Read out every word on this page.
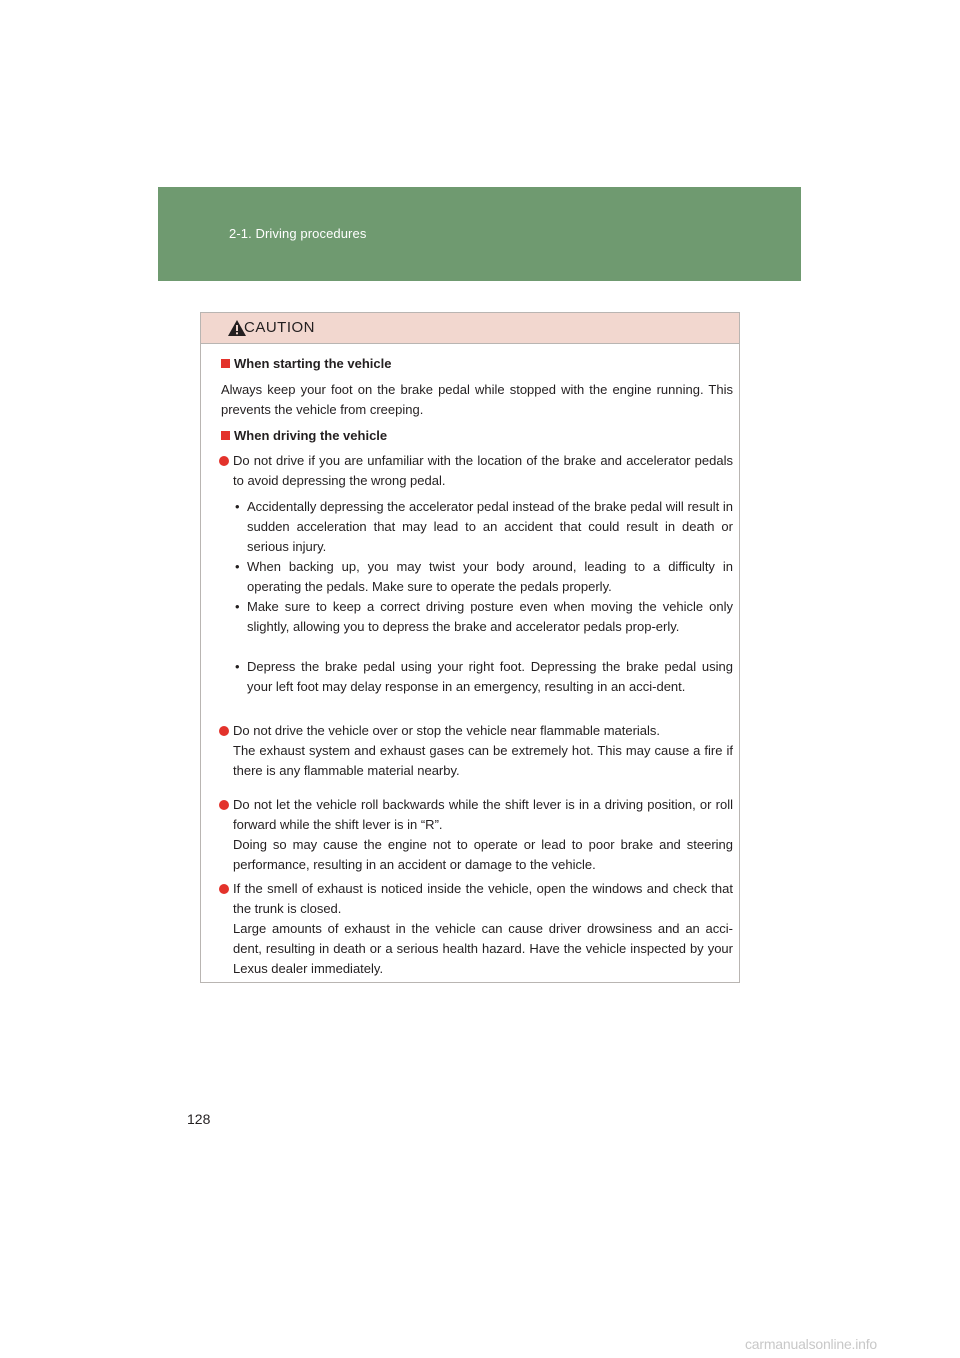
2-1. Driving procedures
CAUTION
When starting the vehicle
Always keep your foot on the brake pedal while stopped with the engine running. This prevents the vehicle from creeping.
When driving the vehicle
Do not drive if you are unfamiliar with the location of the brake and accelerator pedals to avoid depressing the wrong pedal.
• Accidentally depressing the accelerator pedal instead of the brake pedal will result in sudden acceleration that may lead to an accident that could result in death or serious injury.
• When backing up, you may twist your body around, leading to a difficulty in operating the pedals. Make sure to operate the pedals properly.
• Make sure to keep a correct driving posture even when moving the vehicle only slightly, allowing you to depress the brake and accelerator pedals prop-erly.
• Depress the brake pedal using your right foot. Depressing the brake pedal using your left foot may delay response in an emergency, resulting in an acci-dent.
Do not drive the vehicle over or stop the vehicle near flammable materials.
The exhaust system and exhaust gases can be extremely hot. This may cause a fire if there is any flammable material nearby.
Do not let the vehicle roll backwards while the shift lever is in a driving position, or roll forward while the shift lever is in “R”.
Doing so may cause the engine not to operate or lead to poor brake and steering performance, resulting in an accident or damage to the vehicle.
If the smell of exhaust is noticed inside the vehicle, open the windows and check that the trunk is closed.
Large amounts of exhaust in the vehicle can cause driver drowsiness and an acci-dent, resulting in death or a serious health hazard. Have the vehicle inspected by your Lexus dealer immediately.
128
carmanualsonline.info
